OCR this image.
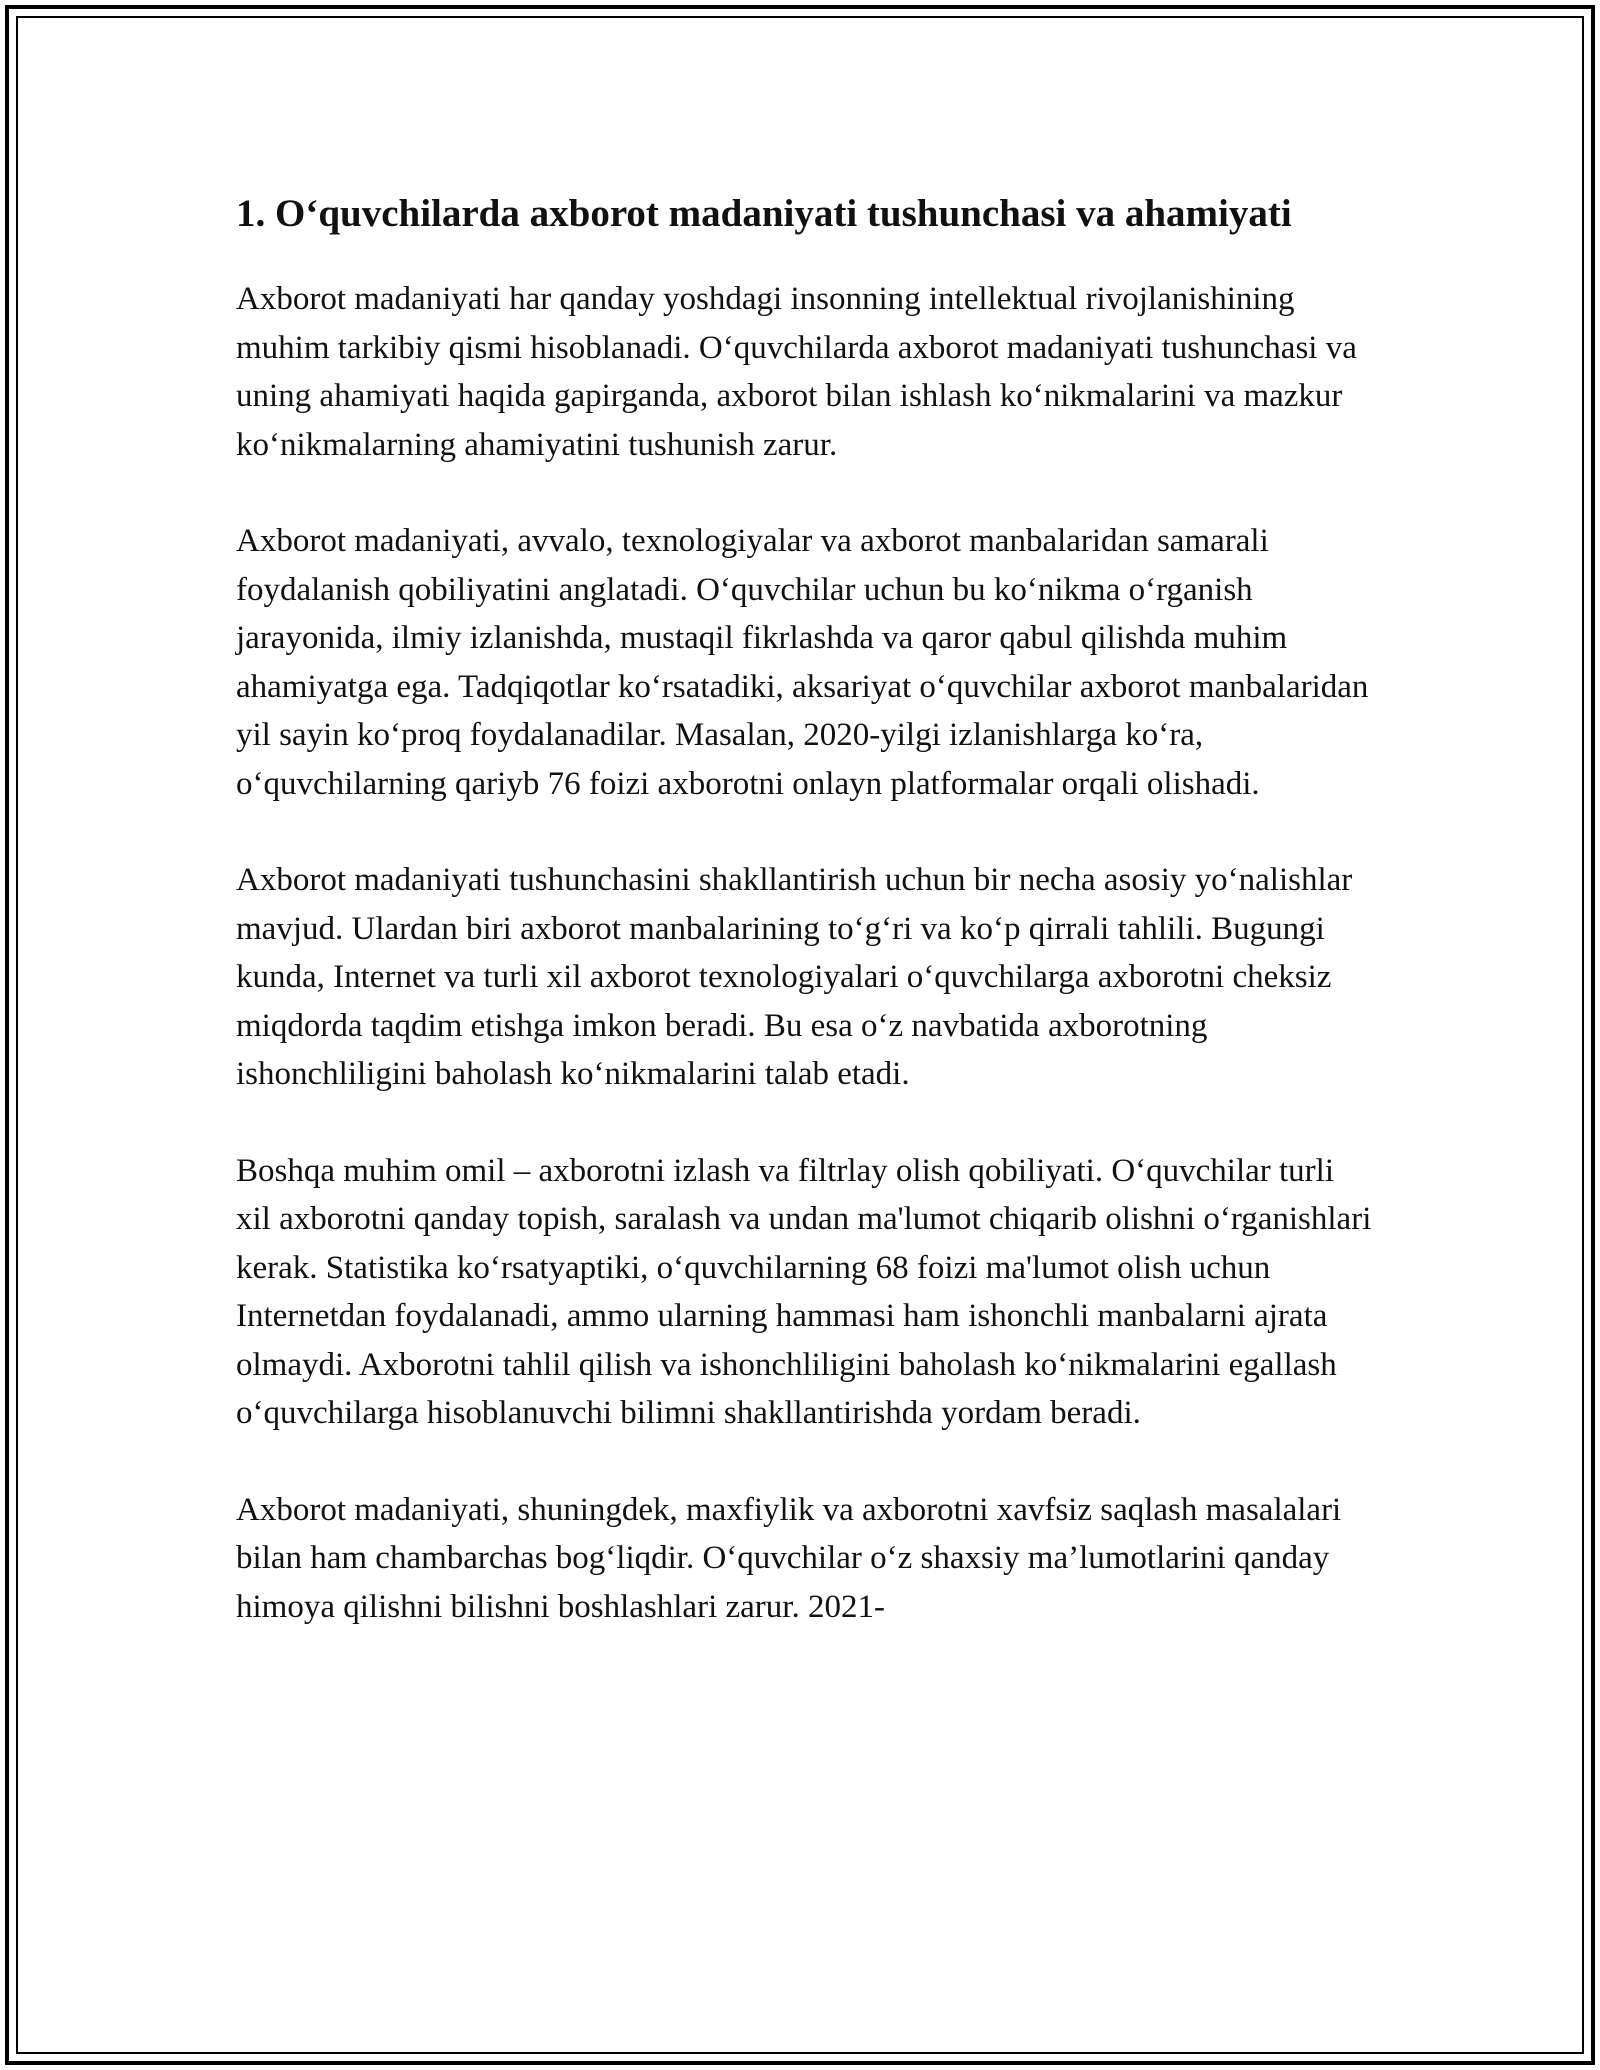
1. O‘quvchilarda axborot madaniyati tushunchasi va ahamiyati

Axborot madaniyati har qanday yoshdagi insonning intellektual rivojlanishining muhim tarkibiy qismi hisoblanadi. O‘quvchilarda axborot madaniyati tushunchasi va uning ahamiyati haqida gapirganda, axborot bilan ishlash ko‘nikmalarini va mazkur ko‘nikmalarning ahamiyatini tushunish zarur.

Axborot madaniyati, avvalo, texnologiyalar va axborot manbalaridan samarali foydalanish qobiliyatini anglatadi. O‘quvchilar uchun bu ko‘nikma o‘rganish jarayonida, ilmiy izlanishda, mustaqil fikrlashda va qaror qabul qilishda muhim ahamiyatga ega. Tadqiqotlar ko‘rsatadiki, aksariyat o‘quvchilar axborot manbalaridan yil sayin ko‘proq foydalanadilar. Masalan, 2020-yilgi izlanishlarga ko‘ra, o‘quvchilarning qariyb 76 foizi axborotni onlayn platformalar orqali olishadi.

Axborot madaniyati tushunchasini shakllantirish uchun bir necha asosiy yo‘nalishlar mavjud. Ulardan biri axborot manbalarining to‘g‘ri va ko‘p qirrali tahlili. Bugungi kunda, Internet va turli xil axborot texnologiyalari o‘quvchilarga axborotni cheksiz miqdorda taqdim etishga imkon beradi. Bu esa o‘z navbatida axborotning ishonchliligini baholash ko‘nikmalarini talab etadi.

Boshqa muhim omil – axborotni izlash va filtrlay olish qobiliyati. O‘quvchilar turli xil axborotni qanday topish, saralash va undan ma'lumot chiqarib olishni o‘rganishlari kerak. Statistika ko‘rsatyaptiki, o‘quvchilarning 68 foizi ma'lumot olish uchun Internetdan foydalanadi, ammo ularning hammasi ham ishonchli manbalarni ajrata olmaydi. Axborotni tahlil qilish va ishonchliligini baholash ko‘nikmalarini egallash o‘quvchilarga hisoblanuvchi bilimni shakllantirishda yordam beradi.

Axborot madaniyati, shuningdek, maxfiylik va axborotni xavfsiz saqlash masalalari bilan ham chambarchas bog‘liqdir. O‘quvchilar o‘z shaxsiy ma’lumotlarini qanday himoya qilishni bilishni boshlashlari zarur. 2021-
